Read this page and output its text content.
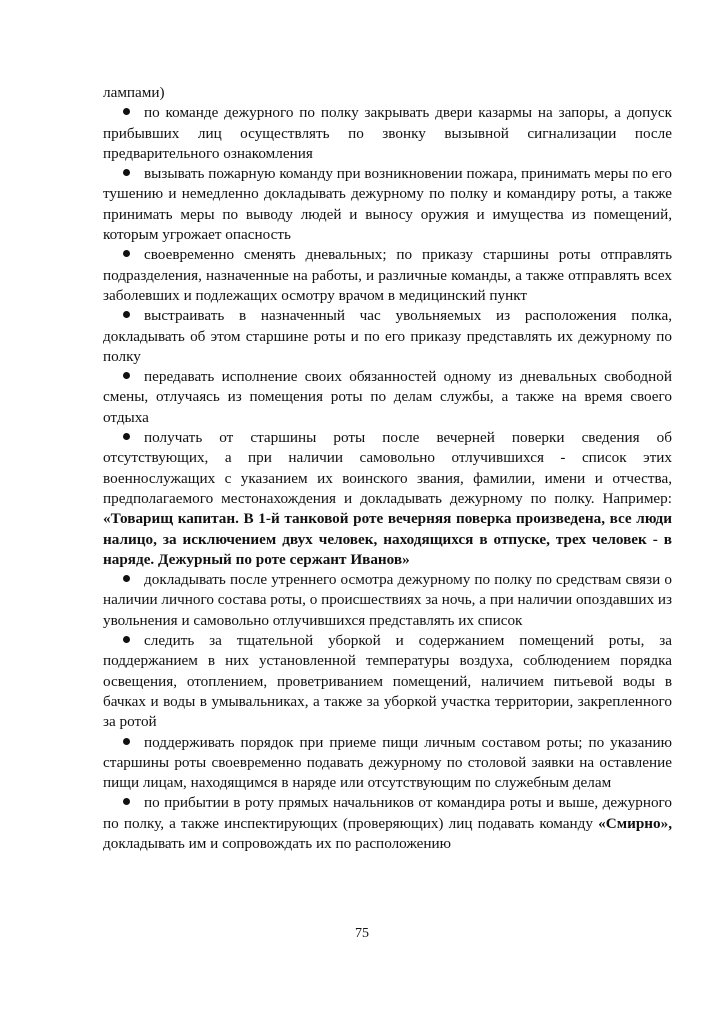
лампами)

по команде дежурного по полку закрывать двери казармы на запоры, а допуск прибывших лиц осуществлять по звонку вызывной сигнализации после предварительного ознакомления

вызывать пожарную команду при возникновении пожара, принимать меры по его тушению и немедленно докладывать дежурному по полку и командиру роты, а также принимать меры по выводу людей и выносу оружия и имущества из помещений, которым угрожает опасность

своевременно сменять дневальных; по приказу старшины роты отправлять подразделения, назначенные на работы, и различные команды, а также отправлять всех заболевших и подлежащих осмотру врачом в медицинский пункт

выстраивать в назначенный час увольняемых из расположения полка, докладывать об этом старшине роты и по его приказу представлять их дежурному по полку

передавать исполнение своих обязанностей одному из дневальных свободной смены, отлучаясь из помещения роты по делам службы, а также на время своего отдыха

получать от старшины роты после вечерней поверки сведения об отсутствующих, а при наличии самовольно отлучившихся - список этих военнослужащих с указанием их воинского звания, фамилии, имени и отчества, предполагаемого местонахождения и докладывать дежурному по полку. Например: «Товарищ капитан. В 1-й танковой роте вечерняя поверка произведена, все люди налицо, за исключением двух человек, находящихся в отпуске, трех человек - в наряде. Дежурный по роте сержант Иванов»

докладывать после утреннего осмотра дежурному по полку по средствам связи о наличии личного состава роты, о происшествиях за ночь, а при наличии опоздавших из увольнения и самовольно отлучившихся представлять их список

следить за тщательной уборкой и содержанием помещений роты, за поддержанием в них установленной температуры воздуха, соблюдением порядка освещения, отоплением, проветриванием помещений, наличием питьевой воды в бачках и воды в умывальниках, а также за уборкой участка территории, закрепленного за ротой

поддерживать порядок при приеме пищи личным составом роты; по указанию старшины роты своевременно подавать дежурному по столовой заявки на оставление пищи лицам, находящимся в наряде или отсутствующим по служебным делам

по прибытии в роту прямых начальников от командира роты и выше, дежурного по полку, а также инспектирующих (проверяющих) лиц подавать команду «Смирно», докладывать им и сопровождать их по расположению

75
